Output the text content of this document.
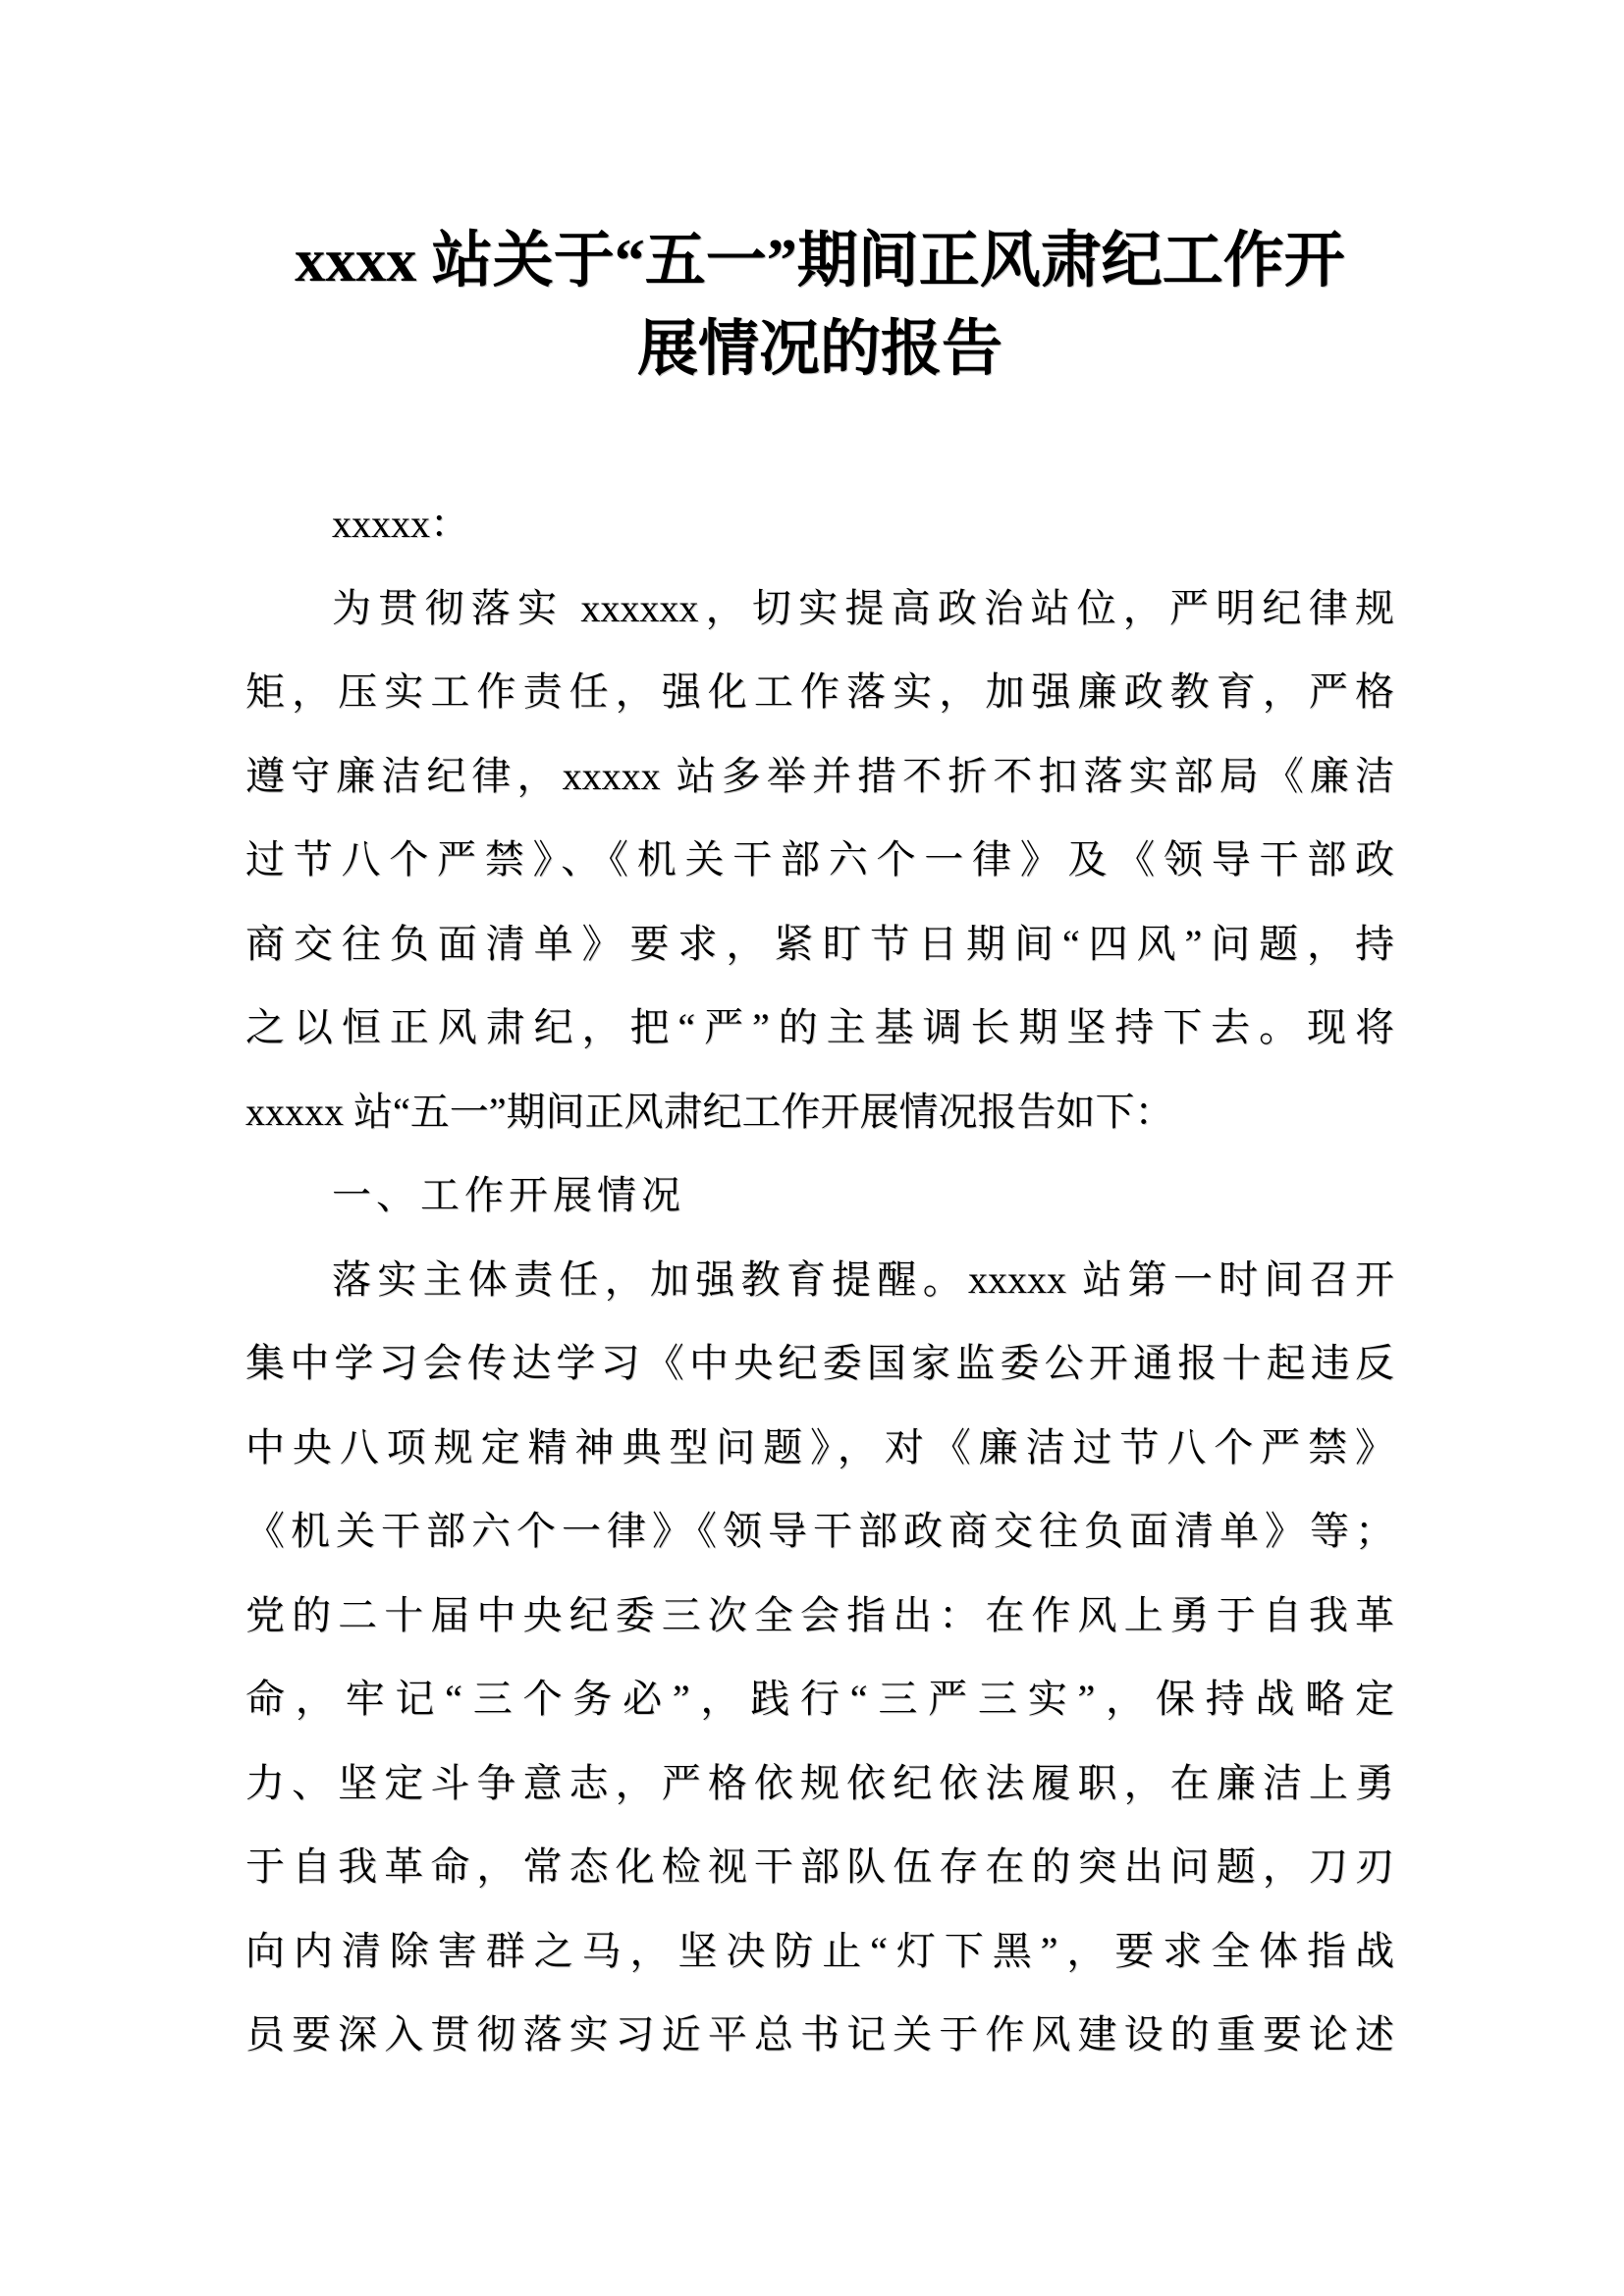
xxxx 站关于“五一”期间正风肃纪工作开
展情况的报告
xxxxx：
为贯彻落实 xxxxxx，切实提高政治站位，严明纪律规
矩，压实工作责任，强化工作落实，加强廉政教育，严格
遵守廉洁纪律，xxxxx 站多举并措不折不扣落实部局《廉洁
过节八个严禁》、《机关干部六个一律》及《领导干部政
商交往负面清单》要求，紧盯节日期间“四风”问题，持
之以恒正风肃纪，把“严”的主基调长期坚持下去。现将
xxxxx 站“五一”期间正风肃纪工作开展情况报告如下：
一、工作开展情况
落实主体责任，加强教育提醒。xxxxx 站第一时间召开
集中学习会传达学习《中央纪委国家监委公开通报十起违反
中央八项规定精神典型问题》，对《廉洁过节八个严禁》
《机关干部六个一律》《领导干部政商交往负面清单》等；
党的二十届中央纪委三次全会指出：在作风上勇于自我革
命，牢记“三个务必”，践行“三严三实”，保持战略定
力、坚定斗争意志，严格依规依纪依法履职，在廉洁上勇
于自我革命，常态化检视干部队伍存在的突出问题，刀刃
向内清除害群之马，坚决防止“灯下黑”，要求全体指战
员要深入贯彻落实习近平总书记关于作风建设的重要论述
